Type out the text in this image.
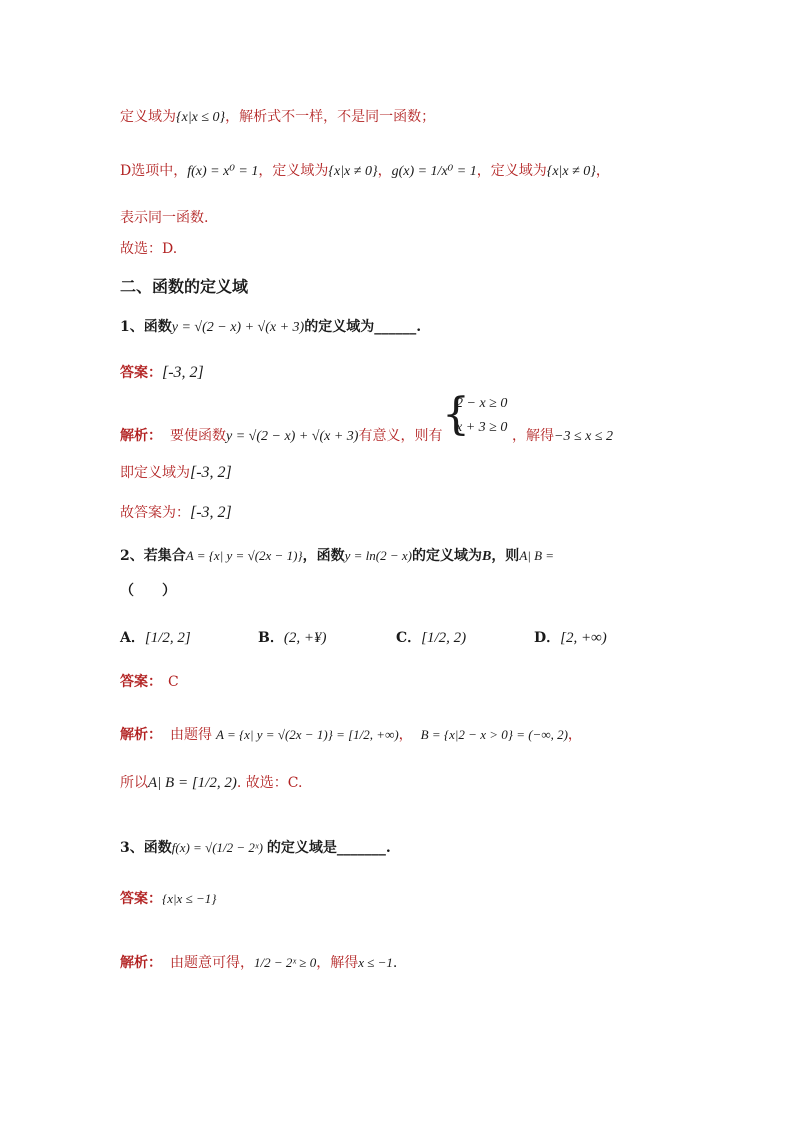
定义域为{x|x ≤ 0}，解析式不一样，不是同一函数；
D选项中，f(x) = x⁰ = 1，定义域为{x|x ≠ 0}，g(x) = 1/x⁰ = 1，定义域为{x|x ≠ 0}，
表示同一函数.
故选：D.
二、函数的定义域
1、函数y = √(2 − x) + √(x + 3)的定义域为______.
答案：[-3, 2]
解析： 要使函数y = √(2 − x) + √(x + 3)有意义，则有 {
2 − x ≥ 0
x + 3 ≥ 0
，解得−3 ≤ x ≤ 2
即定义域为[-3, 2]
故答案为：[-3, 2]
2、若集合A = {x| y = √(2x − 1)}，函数y = ln(2 − x)的定义域为B，则A| B =
（　　）
A．[1/2, 2]	B．(2, +¥)	C．[1/2, 2)	D．[2, +∞)
答案： C
解析： 由题得 A = {x| y = √(2x − 1)} = [1/2, +∞)， B = {x|2 − x > 0} = (−∞, 2)，
所以A| B = [1/2, 2). 故选：C.
3、函数f(x) = √(1/2 − 2ˣ) 的定义域是_______.
答案：{x|x ≤ −1}
解析： 由题意可得，1/2 − 2ˣ ≥ 0，解得x ≤ −1.
